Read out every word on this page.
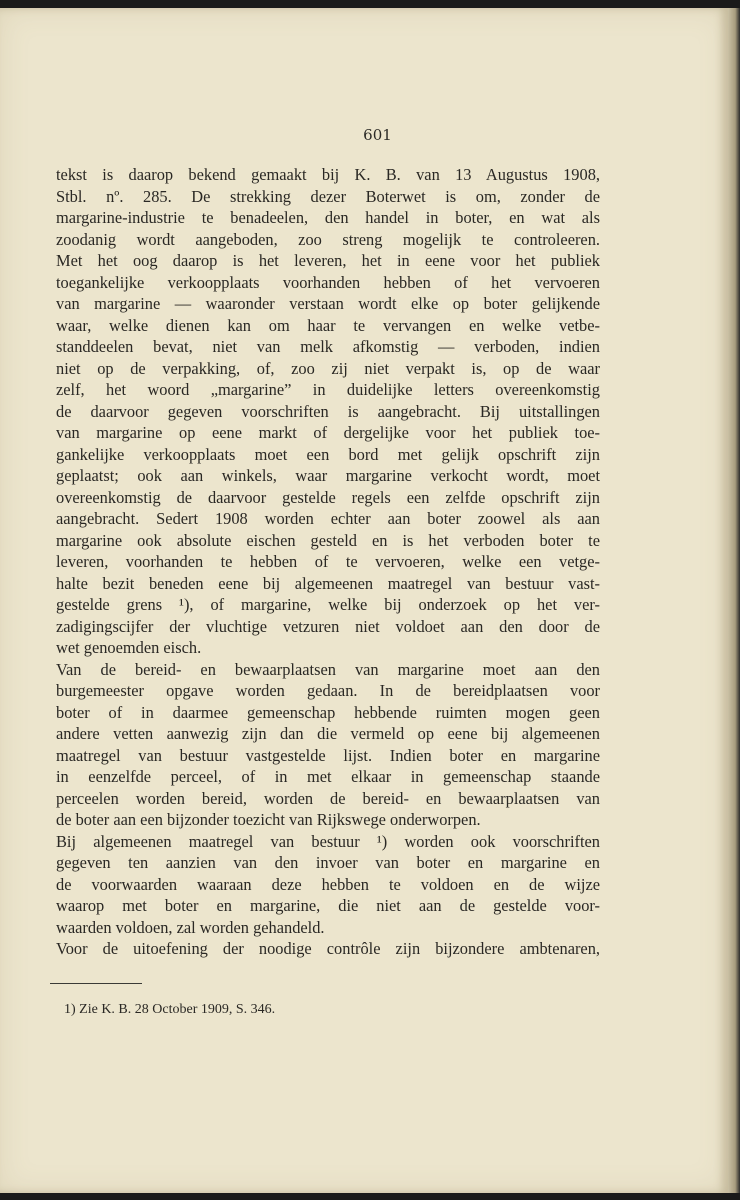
601
tekst is daarop bekend gemaakt bij K. B. van 13 Augustus 1908,
Stbl. nº. 285. De strekking dezer Boterwet is om, zonder de
margarine-industrie te benadeelen, den handel in boter, en wat als
zoodanig wordt aangeboden, zoo streng mogelijk te controleeren.
Met het oog daarop is het leveren, het in eene voor het publiek
toegankelijke verkoopplaats voorhanden hebben of het vervoeren
van margarine — waaronder verstaan wordt elke op boter gelijkende
waar, welke dienen kan om haar te vervangen en welke vetbe-
standdeelen bevat, niet van melk afkomstig — verboden, indien
niet op de verpakking, of, zoo zij niet verpakt is, op de waar
zelf, het woord „margarine” in duidelijke letters overeenkomstig
de daarvoor gegeven voorschriften is aangebracht. Bij uitstallingen
van margarine op eene markt of dergelijke voor het publiek toe-
gankelijke verkoopplaats moet een bord met gelijk opschrift zijn
geplaatst; ook aan winkels, waar margarine verkocht wordt, moet
overeenkomstig de daarvoor gestelde regels een zelfde opschrift zijn
aangebracht. Sedert 1908 worden echter aan boter zoowel als aan
margarine ook absolute eischen gesteld en is het verboden boter te
leveren, voorhanden te hebben of te vervoeren, welke een vetge-
halte bezit beneden eene bij algemeenen maatregel van bestuur vast-
gestelde grens ¹), of margarine, welke bij onderzoek op het ver-
zadigingscijfer der vluchtige vetzuren niet voldoet aan den door de
wet genoemden eisch.
Van de bereid- en bewaarplaatsen van margarine moet aan den
burgemeester opgave worden gedaan. In de bereidplaatsen voor
boter of in daarmee gemeenschap hebbende ruimten mogen geen
andere vetten aanwezig zijn dan die vermeld op eene bij algemeenen
maatregel van bestuur vastgestelde lijst. Indien boter en margarine
in eenzelfde perceel, of in met elkaar in gemeenschap staande
perceelen worden bereid, worden de bereid- en bewaarplaatsen van
de boter aan een bijzonder toezicht van Rijkswege onderworpen.
Bij algemeenen maatregel van bestuur ¹) worden ook voorschriften
gegeven ten aanzien van den invoer van boter en margarine en
de voorwaarden waaraan deze hebben te voldoen en de wijze
waarop met boter en margarine, die niet aan de gestelde voor-
waarden voldoen, zal worden gehandeld.
Voor de uitoefening der noodige contrôle zijn bijzondere ambtenaren,
1) Zie K. B. 28 October 1909, S. 346.
